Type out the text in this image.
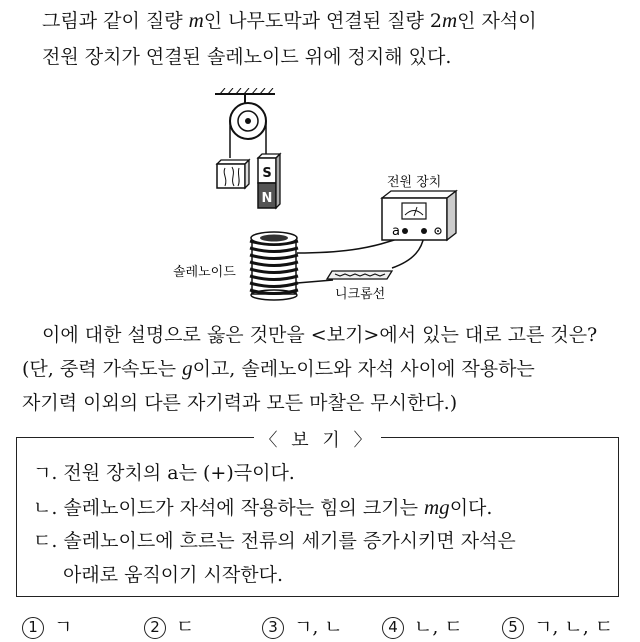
그림과 같이 질량 m인 나무도막과 연결된 질량 2m인 자석이
전원 장치가 연결된 솔레노이드 위에 정지해 있다.
S
N
a
전원 장치
솔레노이드
니크롬선
이에 대한 설명으로 옳은 것만을 <보기>에서 있는 대로 고른 것은?
(단, 중력 가속도는 g이고, 솔레노이드와 자석 사이에 작용하는
자기력 이외의 다른 자기력과 모든 마찰은 무시한다.)
〈 보 기 〉
ㄱ. 전원 장치의 a는 (+)극이다.
ㄴ. 솔레노이드가 자석에 작용하는 힘의 크기는 mg이다.
ㄷ. 솔레노이드에 흐르는 전류의 세기를 증가시키면 자석은
아래로 움직이기 시작한다.
1 ㄱ	2 ㄷ	3 ㄱ, ㄴ	4 ㄴ, ㄷ	5 ㄱ, ㄴ, ㄷ
